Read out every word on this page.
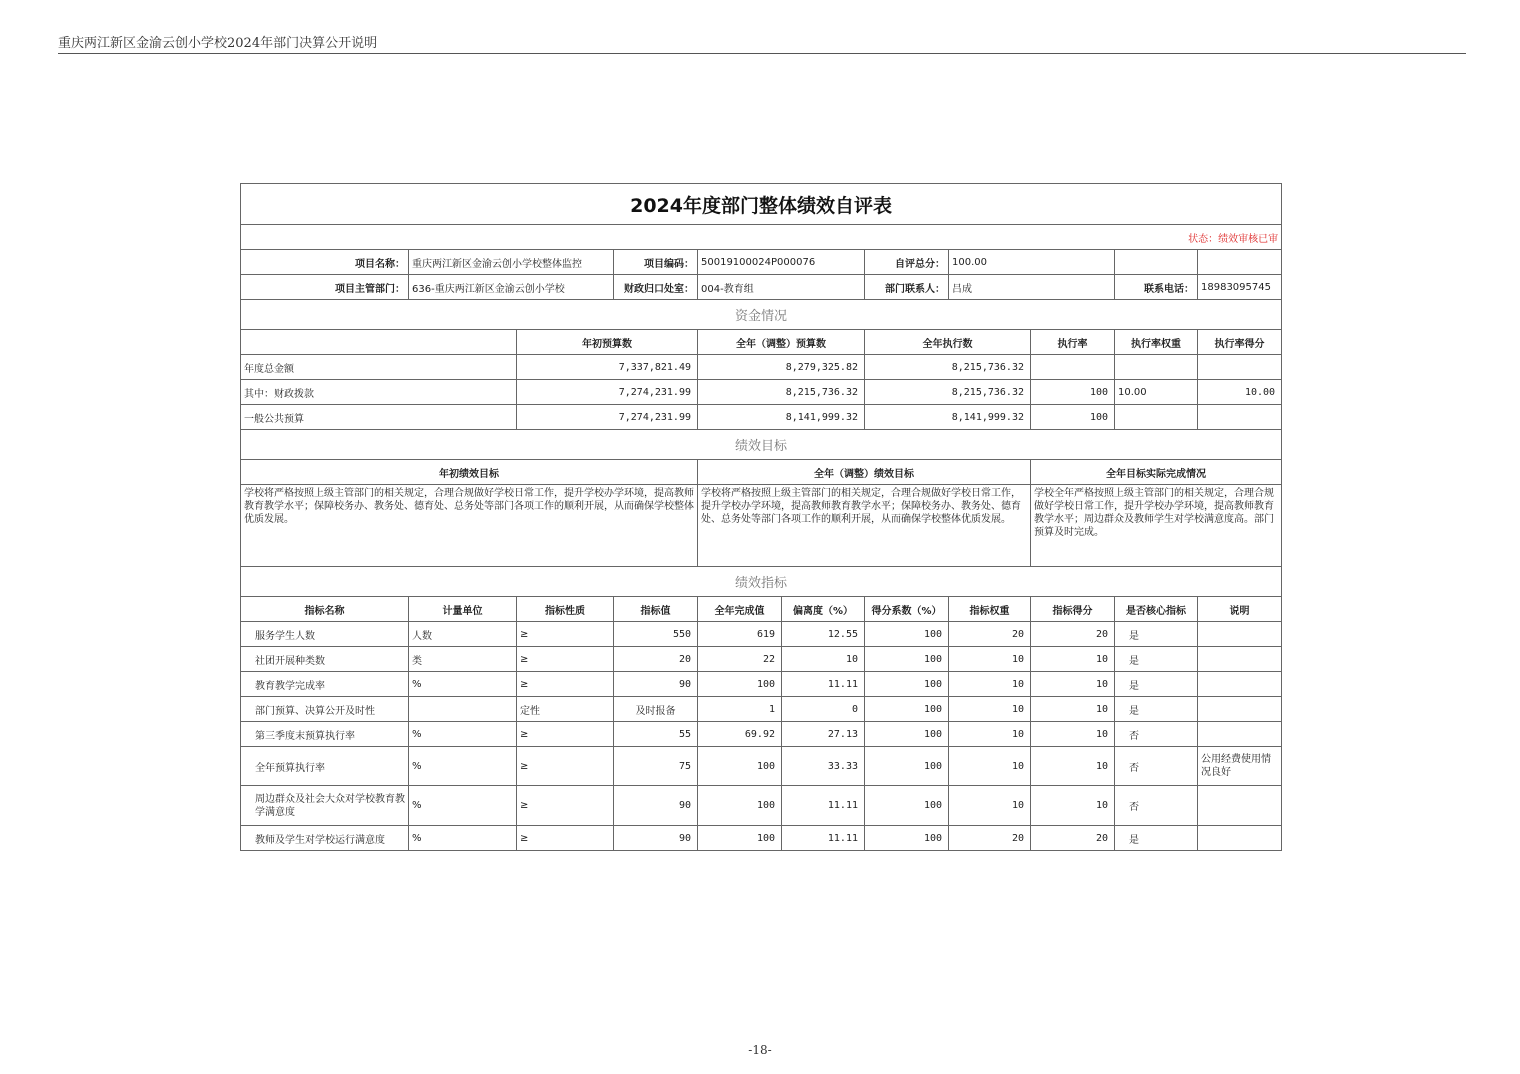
重庆两江新区金渝云创小学校2024年部门决算公开说明
2024年度部门整体绩效自评表										
状态：绩效审核已审										
项目名称：	重庆两江新区金渝云创小学校整体监控		项目编码：	50019100024P000076		自评总分：	100.00			
项目主管部门：	636-重庆两江新区金渝云创小学校		财政归口处室：	004-教育组		部门联系人：	吕成		联系电话：	18983095745
资金情况										
		年初预算数		全年（调整）预算数		全年执行数		执行率	执行率权重	执行率得分
年度总金额		7,337,821.49		8,279,325.82		8,215,736.32				
其中：财政拨款		7,274,231.99		8,215,736.32		8,215,736.32		100	10.00	10.00
一般公共预算		7,274,231.99		8,141,999.32		8,141,999.32		100		
绩效目标										
年初绩效目标				全年（调整）绩效目标				全年目标实际完成情况		
学校将严格按照上级主管部门的相关规定，合理合规做好学校日常工作，提升学校办学环境，提高教师教育教学水平；保障校务办、教务处、德育处、总务处等部门各项工作的顺利开展，从而确保学校整体优质发展。				学校将严格按照上级主管部门的相关规定，合理合规做好学校日常工作，提升学校办学环境，提高教师教育教学水平；保障校务办、教务处、德育处、总务处等部门各项工作的顺利开展，从而确保学校整体优质发展。				学校全年严格按照上级主管部门的相关规定，合理合规做好学校日常工作，提升学校办学环境，提高教师教育教学水平；周边群众及教师学生对学校满意度高。部门预算及时完成。		
绩效指标										
指标名称	计量单位	指标性质	指标值	全年完成值	偏离度（%）	得分系数（%）	指标权重	指标得分	是否核心指标	说明
服务学生人数	人数	≥	550	619	12.55	100	20	20	是	
社团开展种类数	类	≥	20	22	10	100	10	10	是	
教育教学完成率	%	≥	90	100	11.11	100	10	10	是	
部门预算、决算公开及时性		定性	及时报备	1	0	100	10	10	是	
第三季度末预算执行率	%	≥	55	69.92	27.13	100	10	10	否	
全年预算执行率	%	≥	75	100	33.33	100	10	10	否	公用经费使用情况良好
周边群众及社会大众对学校教育教学满意度	%	≥	90	100	11.11	100	10	10	否	
教师及学生对学校运行满意度	%	≥	90	100	11.11	100	20	20	是	
-18-
